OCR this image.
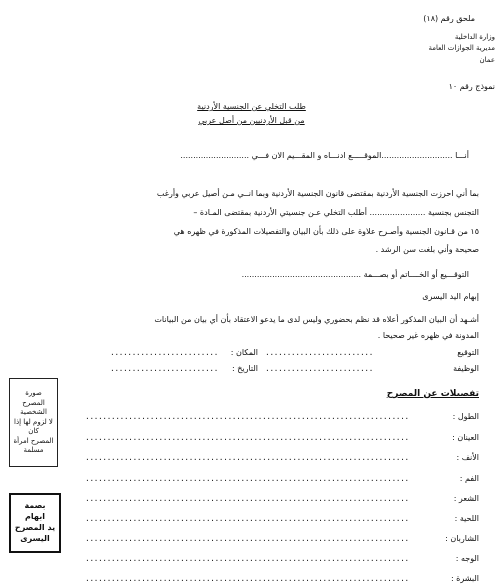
ملحق رقم (١٨)
وزارة الداخلية
مديرية الجوازات العامة
عمان
نموذج رقم ١٠
طلب التخلي عن الجنسية الأردنية
من قبل الأردنيين من أصل عربي
أنـــا ............................الموقـــــع ادنـــاه و المقـــيم الان فـــي ...........................
بما أني احرزت الجنسية الأردنية بمقتضى قانون الجنسية الأردنية وبما انــي مـن أصيل عربي وأرغب
التجنس بجنسية ...................... أطلب التخلي عـن جنسيتي الأردنية بمقتضى المـادة –
١٥ من قـانون الجنسية وأصـرح علاوة على ذلك بأن البيان والتفصيلات المذكورة في ظهره هي
صحيحة وأني بلغت سن الرشد .
التوقـــيع أو الخــــاتم أو بصـــمة ...............................................
إبهام اليد اليسرى
أشـهد أن البيان المذكور أعلاه قد نظم بحضوري وليس لدى ما يدعو الاعتقاد بأن أي بيان من البيانات
المدونة في ظهره غير صحيحا .
التوقيع
.........................
المكان :
.........................
الوظيفة
.........................
التاريخ :
.........................
صورة المصرح
الشخصية
لا لزوم لها إذا كان
المصرح امرأة
مسلمة
بصمة ابهام
يد المصرح
اليسرى
تفصيلات عن المصرح
الطول :
...........................................................................
العينان :
...........................................................................
الأنف :
...........................................................................
الفم :
...........................................................................
الشعر :
...........................................................................
اللحية :
...........................................................................
الشاربان :
...........................................................................
الوجه :
...........................................................................
البشرة :
...........................................................................
